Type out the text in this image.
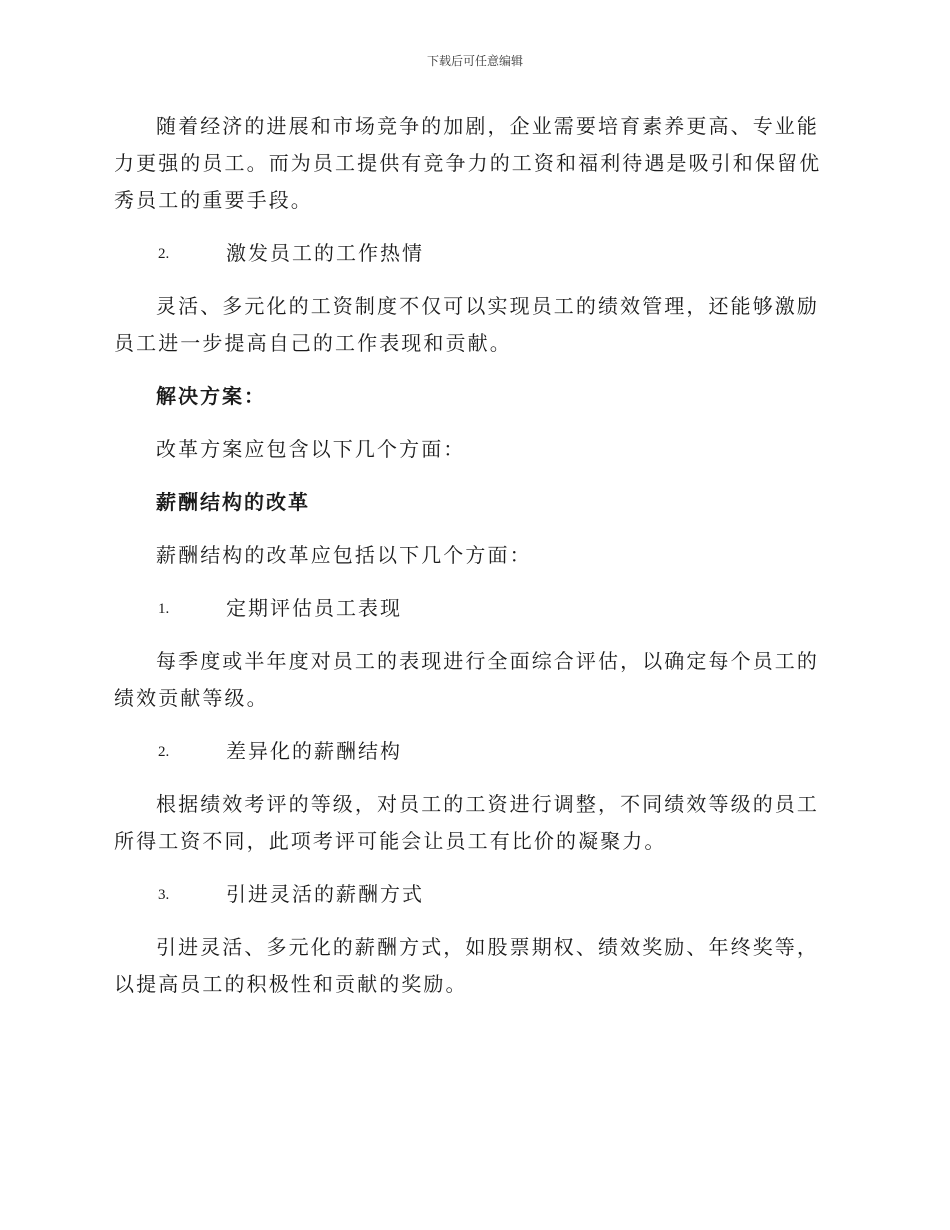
下载后可任意编辑

随着经济的进展和市场竞争的加剧，企业需要培育素养更高、专业能力更强的员工。而为员工提供有竞争力的工资和福利待遇是吸引和保留优秀员工的重要手段。

2.	激发员工的工作热情

灵活、多元化的工资制度不仅可以实现员工的绩效管理，还能够激励员工进一步提高自己的工作表现和贡献。

解决方案：

改革方案应包含以下几个方面：

薪酬结构的改革

薪酬结构的改革应包括以下几个方面：

1.	定期评估员工表现

每季度或半年度对员工的表现进行全面综合评估，以确定每个员工的绩效贡献等级。

2.	差异化的薪酬结构

根据绩效考评的等级，对员工的工资进行调整，不同绩效等级的员工所得工资不同，此项考评可能会让员工有比价的凝聚力。

3.	引进灵活的薪酬方式

引进灵活、多元化的薪酬方式，如股票期权、绩效奖励、年终奖等，以提高员工的积极性和贡献的奖励。
